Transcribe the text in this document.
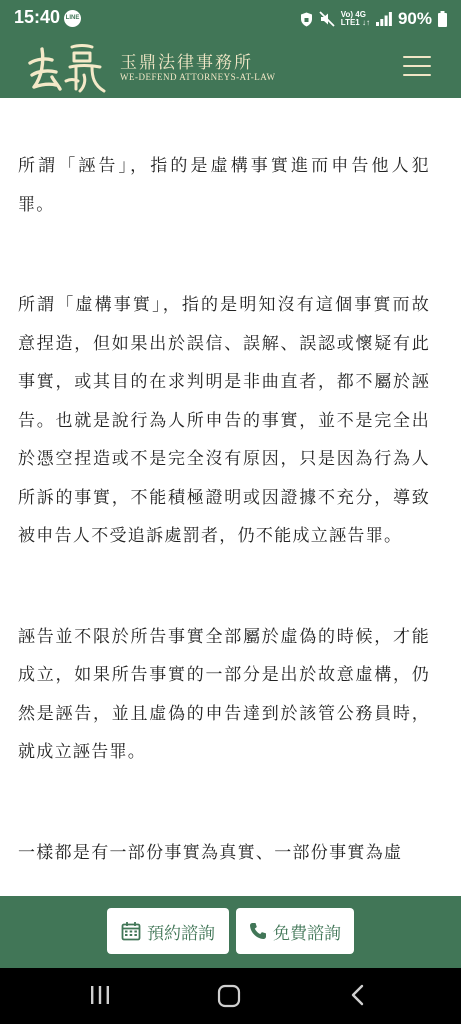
15:40 LINE	Vo) 4G
LTE1 ↓↑ 90%
玉鼎法律事務所
WE-DEFEND ATTORNEYS-AT-LAW

所謂「誣告」，指的是虛構事實進而申告他人犯罪。

所謂「虛構事實」，指的是明知沒有這個事實而故意捏造，但如果出於誤信、誤解、誤認或懷疑有此事實，或其目的在求判明是非曲直者，都不屬於誣告。也就是說行為人所申告的事實，並不是完全出於憑空捏造或不是完全沒有原因，只是因為行為人所訴的事實，不能積極證明或因證據不充分，導致被申告人不受追訴處罰者，仍不能成立誣告罪。

誣告並不限於所告事實全部屬於虛偽的時候，才能成立，如果所告事實的一部分是出於故意虛構，仍然是誣告，並且虛偽的申告達到於該管公務員時，就成立誣告罪。

一樣都是有一部份事實為真實、一部份事實為虛

預約諮詢	免費諮詢
